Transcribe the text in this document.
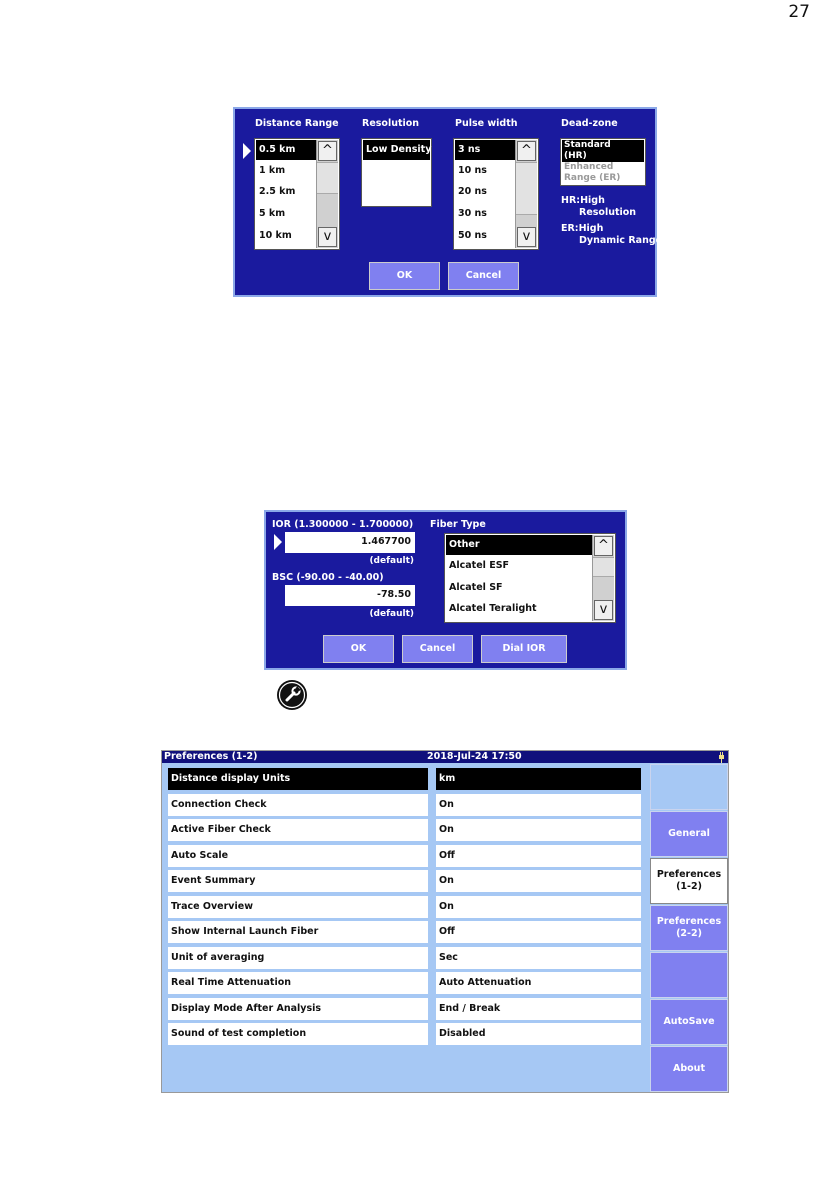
27
Distance Range Resolution	Pulse width	Dead-zone
0.5 km
1 km
2.5 km
5 km
10 km
^
v
Low Density	3 ns
10 ns
20 ns
30 ns
50 ns
^
v
Standard
(HR)
Enhanced
Range (ER)
HR:High
Resolution
ER:High
Dynamic Range
OK	Cancel
IOR (1.300000 - 1.700000)
1.467700
(default)
BSC (-90.00 - -40.00)
-78.50
(default)
Fiber Type
Other
Alcatel ESF
Alcatel SF
Alcatel Teralight
^
v
OK	Cancel	Dial IOR
Preferences (1-2)	2018-Jul-24 17:50
Distance display Units	km
Connection Check	On
Active Fiber Check	On
Auto Scale	Off
Event Summary	On
Trace Overview	On
Show Internal Launch Fiber	Off
Unit of averaging	Sec
Real Time Attenuation	Auto Attenuation
Display Mode After Analysis	End / Break
Sound of test completion	Disabled
General
Preferences
(1-2)
Preferences
(2-2)
AutoSave
About
